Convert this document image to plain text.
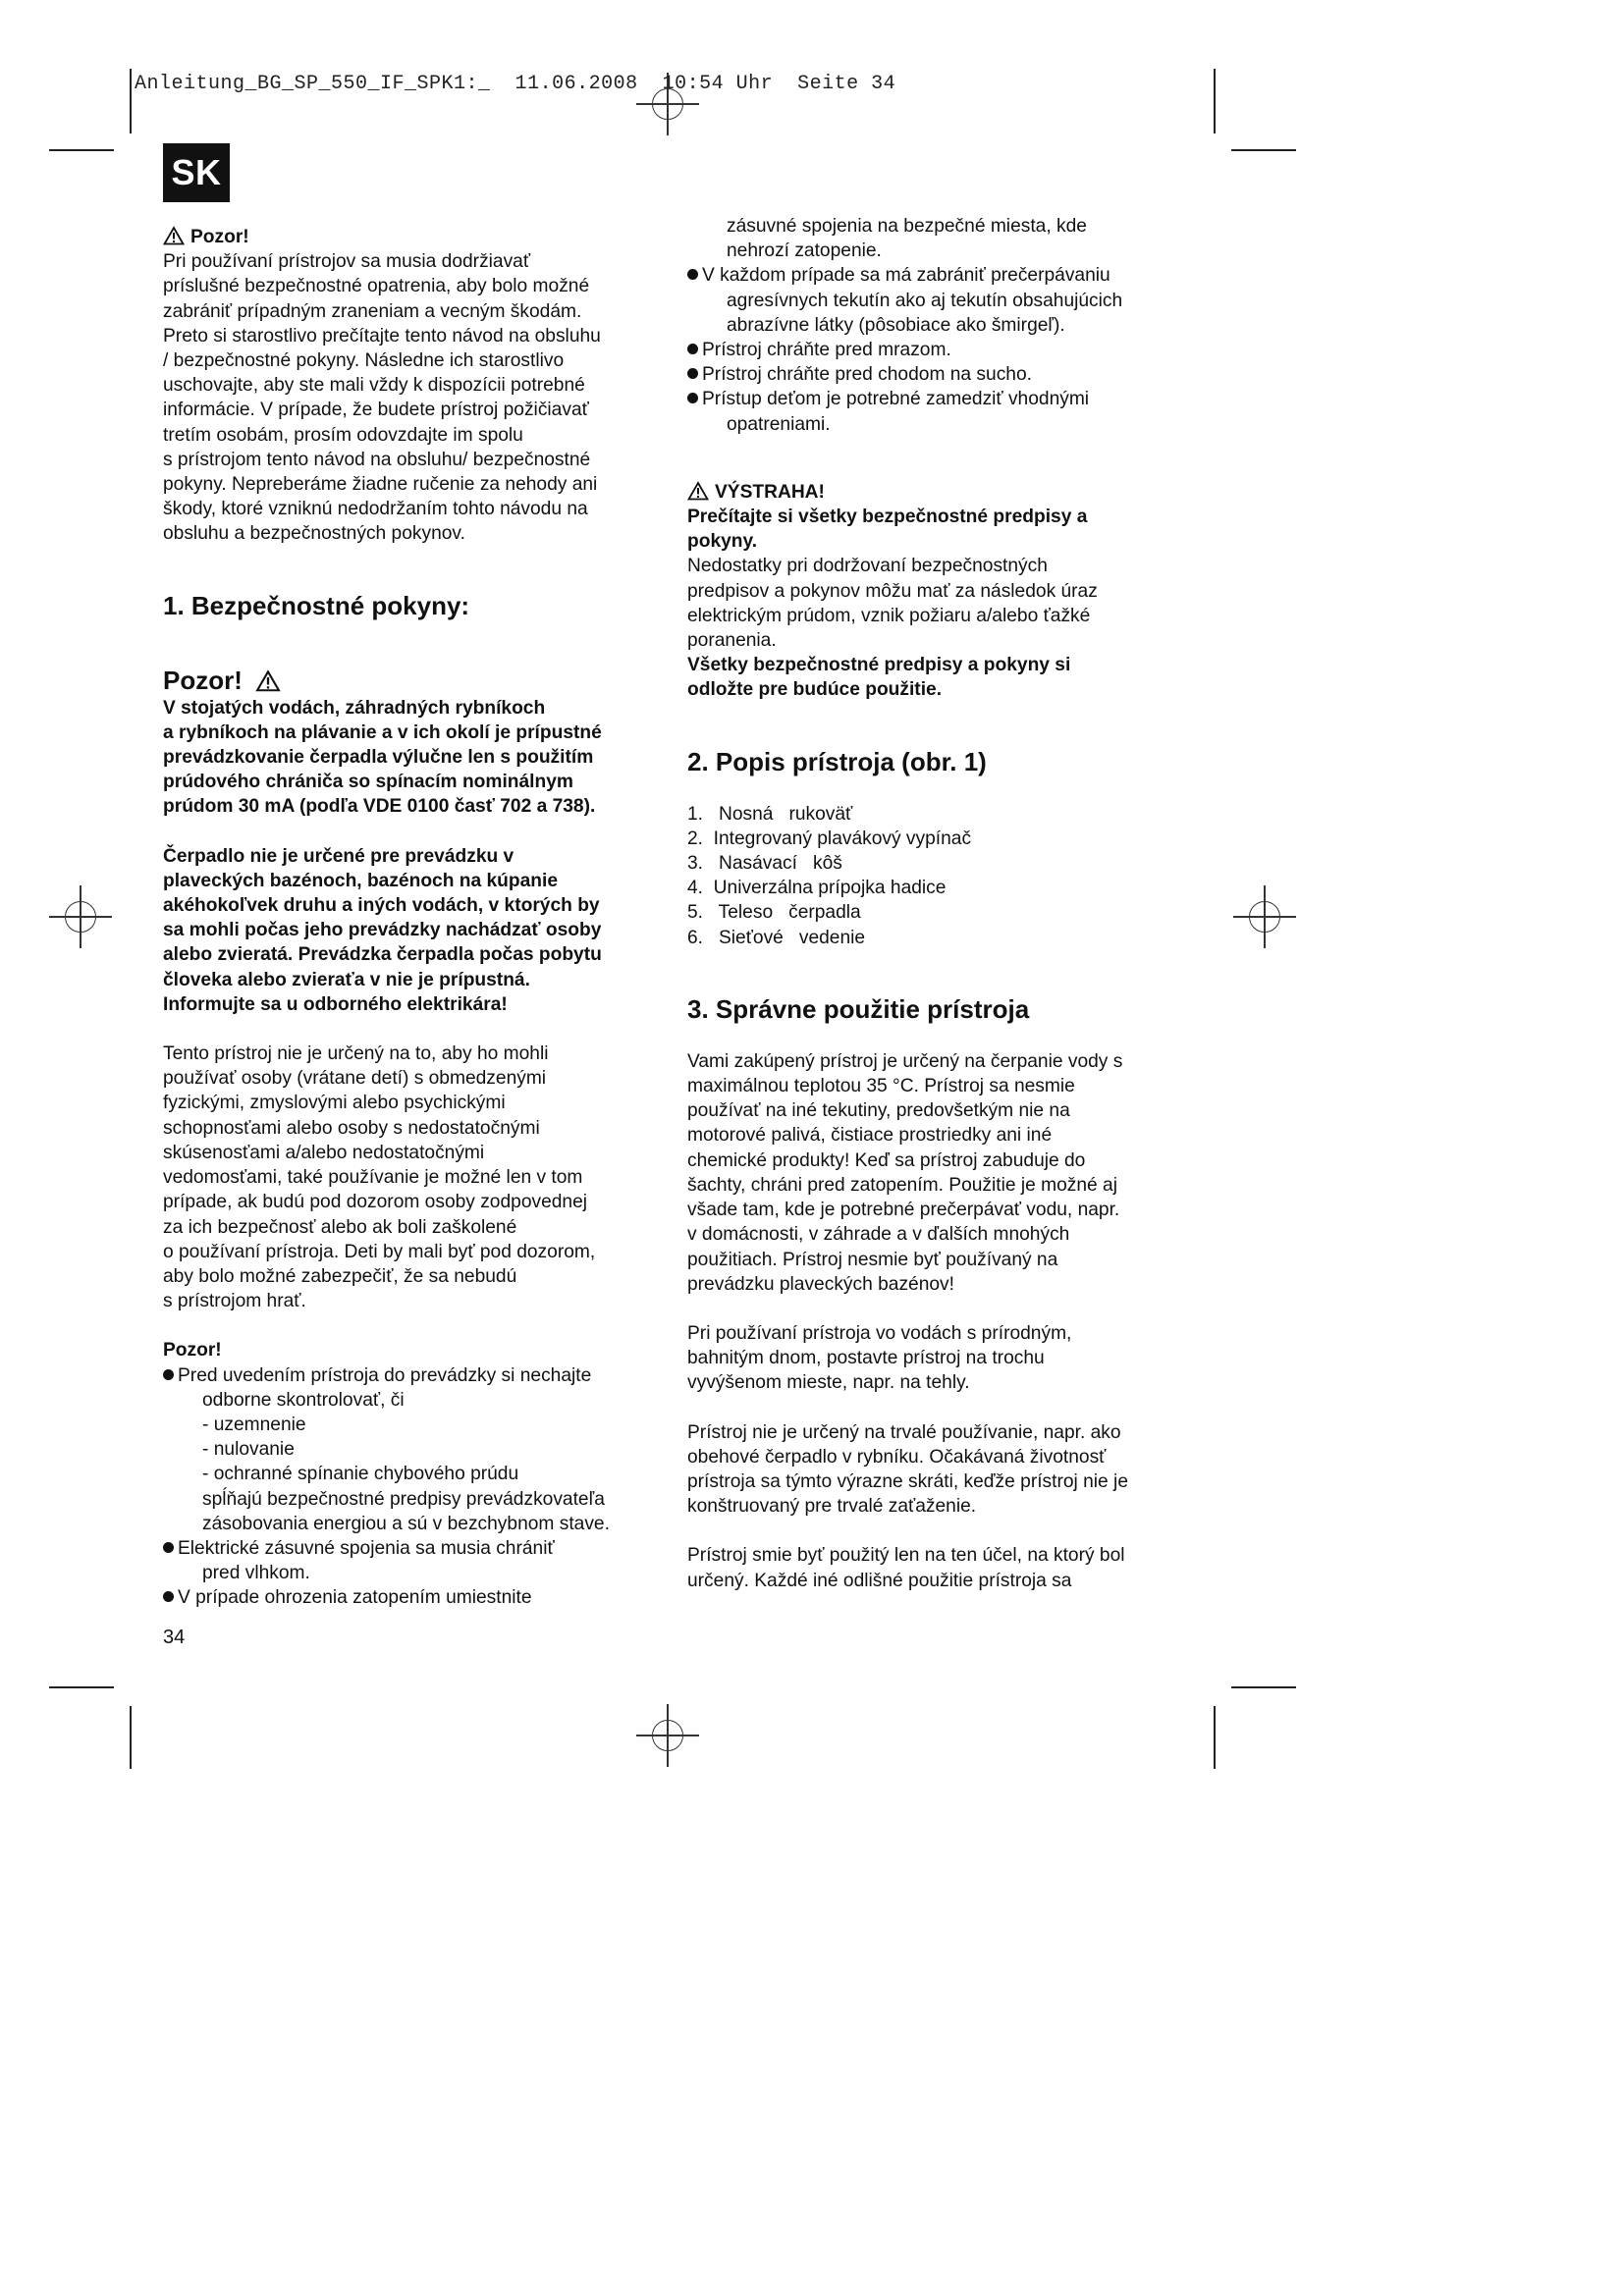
Anleitung_BG_SP_550_IF_SPK1:_  11.06.2008  10:54 Uhr  Seite 34
SK

Pozor!

Pri používaní prístrojov sa musia dodržiavať
príslušné bezpečnostné opatrenia, aby bolo možné
zabrániť prípadným zraneniam a vecným škodám.
Preto si starostlivo prečítajte tento návod na obsluhu
/ bezpečnostné pokyny. Následne ich starostlivo
uschovajte, aby ste mali vždy k dispozícii potrebné
informácie. V prípade, že budete prístroj požičiavať
tretím osobám, prosím odovzdajte im spolu
s prístrojom tento návod na obsluhu/ bezpečnostné
pokyny. Nepreberáme žiadne ručenie za nehody ani
škody, ktoré vzniknú nedodržaním tohto návodu na
obsluhu a bezpečnostných pokynov.

1. Bezpečnostné pokyny:

Pozor!

V stojatých vodách, záhradných rybníkoch
a rybníkoch na plávanie a v ich okolí je prípustné
prevádzkovanie čerpadla výlučne len s použitím
prúdového chrániča so spínacím nominálnym
prúdom 30 mA (podľa VDE 0100 časť 702 a 738).
Čerpadlo nie je určené pre prevádzku v
plaveckých bazénoch, bazénoch na kúpanie
akéhokoľvek druhu a iných vodách, v ktorých by
sa mohli počas jeho prevádzky nachádzať osoby
alebo zvieratá. Prevádzka čerpadla počas pobytu
človeka alebo zvieraťa v nie je prípustná.
Informujte sa u odborného elektrikára!
Tento prístroj nie je určený na to, aby ho mohli
používať osoby (vrátane detí) s obmedzenými
fyzickými, zmyslovými alebo psychickými
schopnosťami alebo osoby s nedostatočnými
skúsenosťami a/alebo nedostatočnými
vedomosťami, také používanie je možné len v tom
prípade, ak budú pod dozorom osoby zodpovednej
za ich bezpečnosť alebo ak boli zaškolené
o používaní prístroja. Deti by mali byť pod dozorom,
aby bolo možné zabezpečiť, že sa nebudú
s prístrojom hrať.

Pozor!

Pred uvedením prístroja do prevádzky si nechajte
odborne skontrolovať, či
- uzemnenie
- nulovanie
- ochranné spínanie chybového prúdu
spĺňajú bezpečnostné predpisy prevádzkovateľa
zásobovania energiou a sú v bezchybnom stave.
Elektrické zásuvné spojenia sa musia chrániť
pred vlhkom.
V prípade ohrozenia zatopením umiestnite
zásuvné spojenia na bezpečné miesta, kde
nehrozí zatopenie.
V každom prípade sa má zabrániť prečerpávaniu
agresívnych tekutín ako aj tekutín obsahujúcich
abrazívne látky (pôsobiace ako šmirgeľ).
Prístroj chráňte pred mrazom.
Prístroj chráňte pred chodom na sucho.
Prístup deťom je potrebné zamedziť vhodnými
opatreniami.

VÝSTRAHA!

Prečítajte si všetky bezpečnostné predpisy a
pokyny.
Nedostatky pri dodržovaní bezpečnostných
predpisov a pokynov môžu mať za následok úraz
elektrickým prúdom, vznik požiaru a/alebo ťažké
poranenia.
Všetky bezpečnostné predpisy a pokyny si
odložte pre budúce použitie.

2. Popis prístroja (obr. 1)

1.   Nosná   rukoväť
2.  Integrovaný plavákový vypínač
3.   Nasávací   kôš
4.  Univerzálna prípojka hadice
5.   Teleso   čerpadla
6.   Sieťové   vedenie

3. Správne použitie prístroja

Vami zakúpený prístroj je určený na čerpanie vody s
maximálnou teplotou 35 °C. Prístroj sa nesmie
používať na iné tekutiny, predovšetkým nie na
motorové palivá, čistiace prostriedky ani iné
chemické produkty! Keď sa prístroj zabuduje do
šachty, chráni pred zatopením. Použitie je možné aj
všade tam, kde je potrebné prečerpávať vodu, napr.
v domácnosti, v záhrade a v ďalších mnohých
použitiach. Prístroj nesmie byť používaný na
prevádzku plaveckých bazénov!
Pri používaní prístroja vo vodách s prírodným,
bahnitým dnom, postavte prístroj na trochu
vyvýšenom mieste, napr. na tehly.
Prístroj nie je určený na trvalé používanie, napr. ako
obehové čerpadlo v rybníku. Očakávaná životnosť
prístroja sa týmto výrazne skráti, keďže prístroj nie je
konštruovaný pre trvalé zaťaženie.
Prístroj smie byť použitý len na ten účel, na ktorý bol
určený. Každé iné odlišné použitie prístroja sa
34
